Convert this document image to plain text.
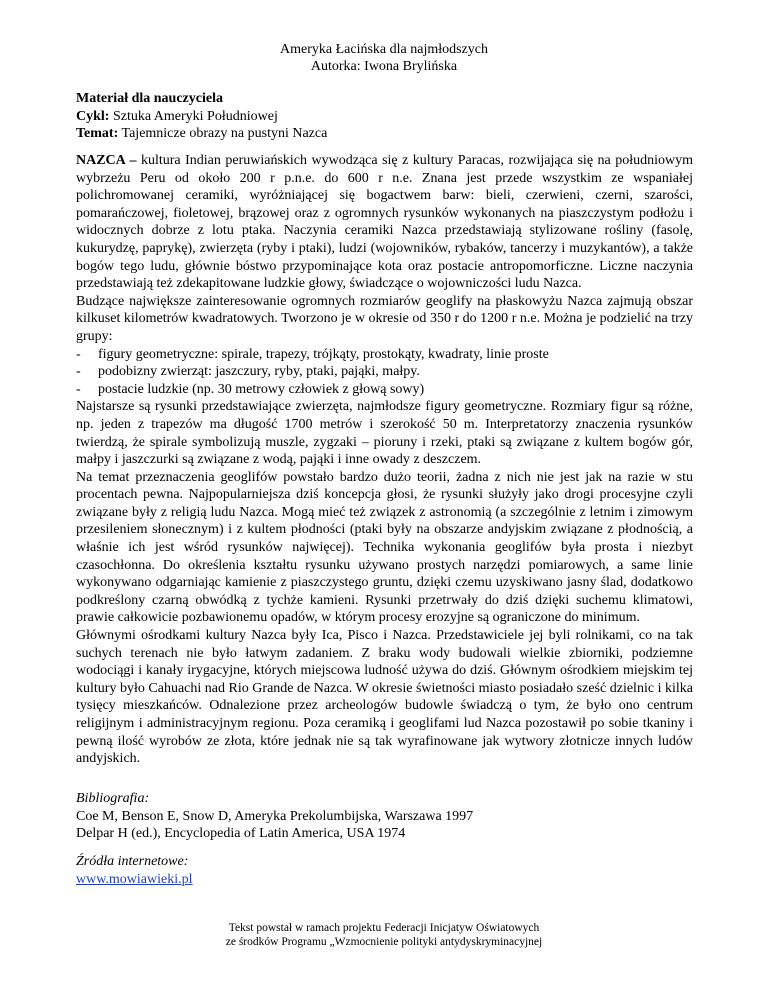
Ameryka Łacińska dla najmłodszych
Autorka: Iwona Brylińska
Materiał dla nauczyciela
Cykl: Sztuka Ameryki Południowej
Temat: Tajemnicze obrazy na pustyni Nazca

NAZCA – kultura Indian peruwiańskich wywodząca się z kultury Paracas, rozwijająca się na południowym wybrzeżu Peru od około 200 r p.n.e. do 600 r n.e. Znana jest przede wszystkim ze wspaniałej polichromowanej ceramiki, wyróżniającej się bogactwem barw: bieli, czerwieni, czerni, szarości, pomarańczowej, fioletowej, brązowej oraz z ogromnych rysunków wykonanych na piaszczystym podłożu i widocznych dobrze z lotu ptaka. Naczynia ceramiki Nazca przedstawiają stylizowane rośliny (fasolę, kukurydzę, paprykę), zwierzęta (ryby i ptaki), ludzi (wojowników, rybaków, tancerzy i muzykantów), a także bogów tego ludu, głównie bóstwo przypominające kota oraz postacie antropomorficzne. Liczne naczynia przedstawiają też zdekapitowane ludzkie głowy, świadczące o wojowniczości ludu Nazca.

Budzące największe zainteresowanie ogromnych rozmiarów geoglify na płaskowyżu Nazca zajmują obszar kilkuset kilometrów kwadratowych. Tworzono je w okresie od 350 r do 1200 r n.e. Można je podzielić na trzy grupy:

- figury geometryczne: spirale, trapezy, trójkąty, prostokąty, kwadraty, linie proste
- podobizny zwierząt: jaszczury, ryby, ptaki, pająki, małpy.
- postacie ludzkie (np. 30 metrowy człowiek z głową sowy)

Najstarsze są rysunki przedstawiające zwierzęta, najmłodsze figury geometryczne. Rozmiary figur są różne, np. jeden z trapezów ma długość 1700 metrów i szerokość 50 m. Interpretatorzy znaczenia rysunków twierdzą, że spirale symbolizują muszle, zygzaki – pioruny i rzeki, ptaki są związane z kultem bogów gór, małpy i jaszczurki są związane z wodą, pająki i inne owady z deszczem.

Na temat przeznaczenia geoglifów powstało bardzo dużo teorii, żadna z nich nie jest jak na razie w stu procentach pewna. Najpopularniejsza dziś koncepcja głosi, że rysunki służyły jako drogi procesyjne czyli związane były z religią ludu Nazca. Mogą mieć też związek z astronomią (a szczególnie z letnim i zimowym przesileniem słonecznym) i z kultem płodności (ptaki były na obszarze andyjskim związane z płodnością, a właśnie ich jest wśród rysunków najwięcej). Technika wykonania geoglifów była prosta i niezbyt czasochłonna. Do określenia kształtu rysunku używano prostych narzędzi pomiarowych, a same linie wykonywano odgarniając kamienie z piaszczystego gruntu, dzięki czemu uzyskiwano jasny ślad, dodatkowo podkreślony czarną obwódką z tychże kamieni. Rysunki przetrwały do dziś dzięki suchemu klimatowi, prawie całkowicie pozbawionemu opadów, w którym procesy erozyjne są ograniczone do minimum.

Głównymi ośrodkami kultury Nazca były Ica, Pisco i Nazca. Przedstawiciele jej byli rolnikami, co na tak suchych terenach nie było łatwym zadaniem. Z braku wody budowali wielkie zbiorniki, podziemne wodociągi i kanały irygacyjne, których miejscowa ludność używa do dziś. Głównym ośrodkiem miejskim tej kultury było Cahuachi nad Rio Grande de Nazca. W okresie świetności miasto posiadało sześć dzielnic i kilka tysięcy mieszkańców. Odnalezione przez archeologów budowle świadczą o tym, że było ono centrum religijnym i administracyjnym regionu. Poza ceramiką i geoglifami lud Nazca pozostawił po sobie tkaniny i pewną ilość wyrobów ze złota, które jednak nie są tak wyrafinowane jak wytwory złotnicze innych ludów andyjskich.

Bibliografia:
Coe M, Benson E, Snow D, Ameryka Prekolumbijska, Warszawa 1997
Delpar H (ed.), Encyclopedia of Latin America, USA 1974
Źródła internetowe:
www.mowiawieki.pl
Tekst powstał w ramach projektu Federacji Inicjatyw Oświatowych
ze środków Programu „Wzmocnienie polityki antydyskryminacyjnej
